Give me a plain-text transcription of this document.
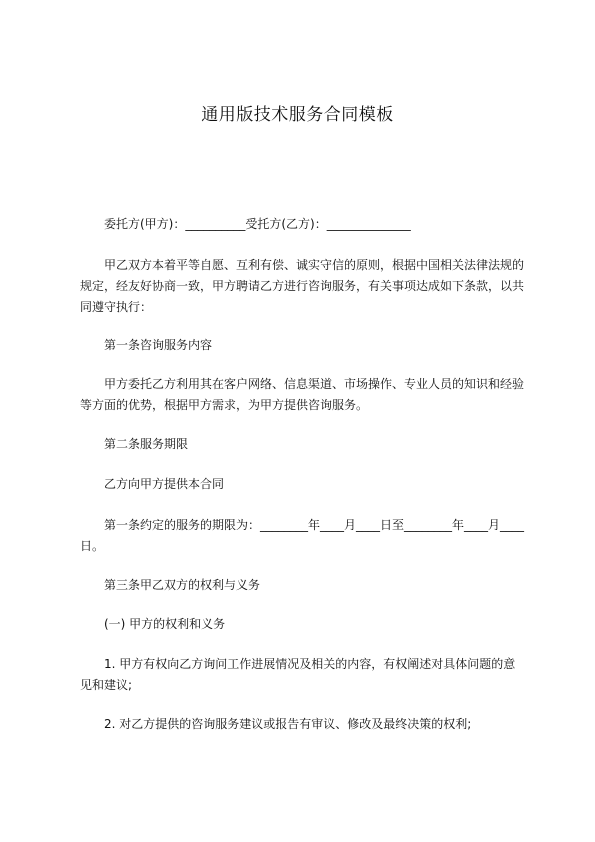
通用版技术服务合同模板
委托方(甲方)：__________受托方(乙方)：______________
甲乙双方本着平等自愿、互利有偿、诚实守信的原则，根据中国相关法律法规的规定，经友好协商一致，甲方聘请乙方进行咨询服务，有关事项达成如下条款，以共同遵守执行：
第一条咨询服务内容
甲方委托乙方利用其在客户网络、信息渠道、市场操作、专业人员的知识和经验等方面的优势，根据甲方需求，为甲方提供咨询服务。
第二条服务期限
乙方向甲方提供本合同
第一条约定的服务的期限为：________年____月____日至________年____月____日。
第三条甲乙双方的权利与义务
(一) 甲方的权利和义务
1. 甲方有权向乙方询问工作进展情况及相关的内容，有权阐述对具体问题的意见和建议;
2. 对乙方提供的咨询服务建议或报告有审议、修改及最终决策的权利;
